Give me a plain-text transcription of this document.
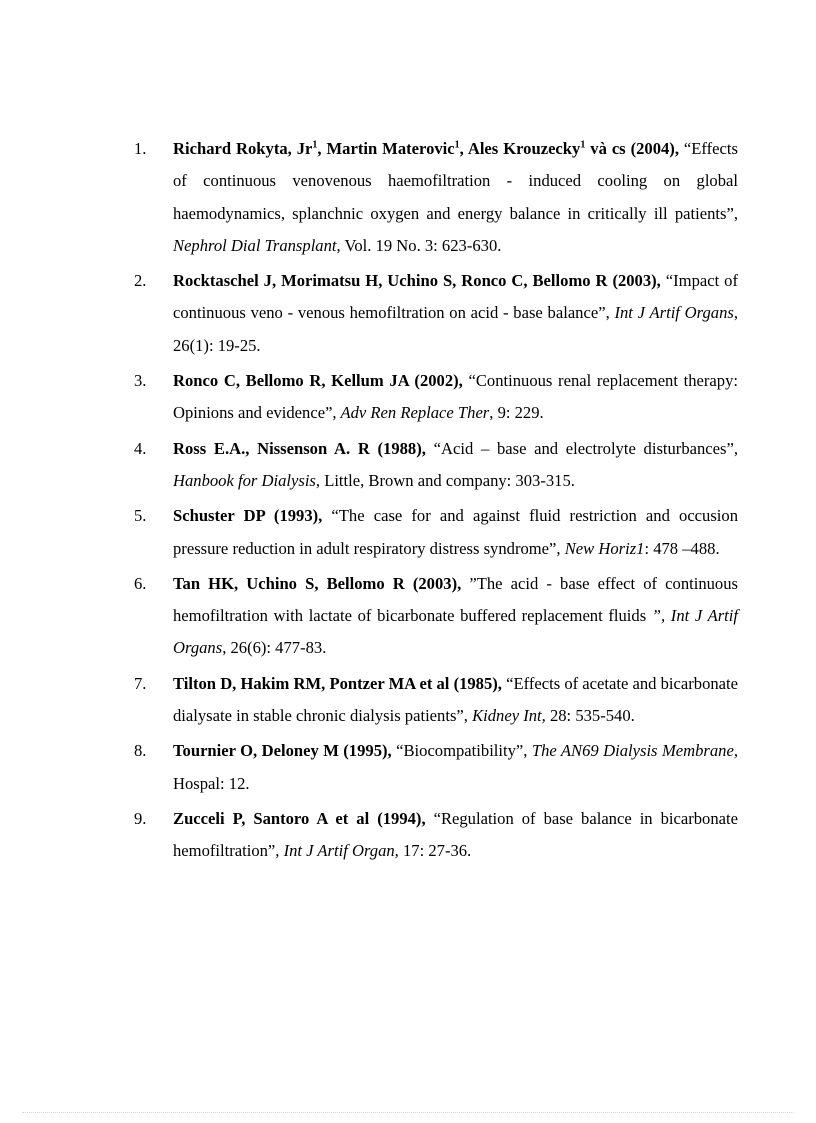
1. Richard Rokyta, Jr$^1$, Martin Materovic$^1$, Ales Krouzecky$^1$ và cs (2004), “Effects of continuous venovenous haemofiltration - induced cooling on global haemodynamics, splanchnic oxygen and energy balance in critically ill patients”, Nephrol Dial Transplant, Vol. 19 No. 3: 623-630.
2. Rocktaschel J, Morimatsu H, Uchino S, Ronco C, Bellomo R (2003), “Impact of continuous veno - venous hemofiltration on acid - base balance”, Int J Artif Organs, 26(1): 19-25.
3. Ronco C, Bellomo R, Kellum JA (2002), “Continuous renal replacement therapy: Opinions and evidence”, Adv Ren Replace Ther, 9: 229.
4. Ross E.A., Nissenson A. R (1988), “Acid – base and electrolyte disturbances”, Hanbook for Dialysis, Little, Brown and company: 303-315.
5. Schuster DP (1993), “The case for and against fluid restriction and occusion pressure reduction in adult respiratory distress syndrome”, New Horiz1: 478 –488.
6. Tan HK, Uchino S, Bellomo R (2003), ”The acid - base effect of continuous hemofiltration with lactate of bicarbonate buffered replacement fluids ”, Int J Artif Organs, 26(6): 477-83.
7. Tilton D, Hakim RM, Pontzer MA et al (1985), “Effects of acetate and bicarbonate dialysate in stable chronic dialysis patients”, Kidney Int, 28: 535-540.
8. Tournier O, Deloney M (1995), “Biocompatibility”, The AN69 Dialysis Membrane, Hospal: 12.
9. Zucceli P, Santoro A et al (1994), “Regulation of base balance in bicarbonate hemofiltration”, Int J Artif Organ, 17: 27-36.
